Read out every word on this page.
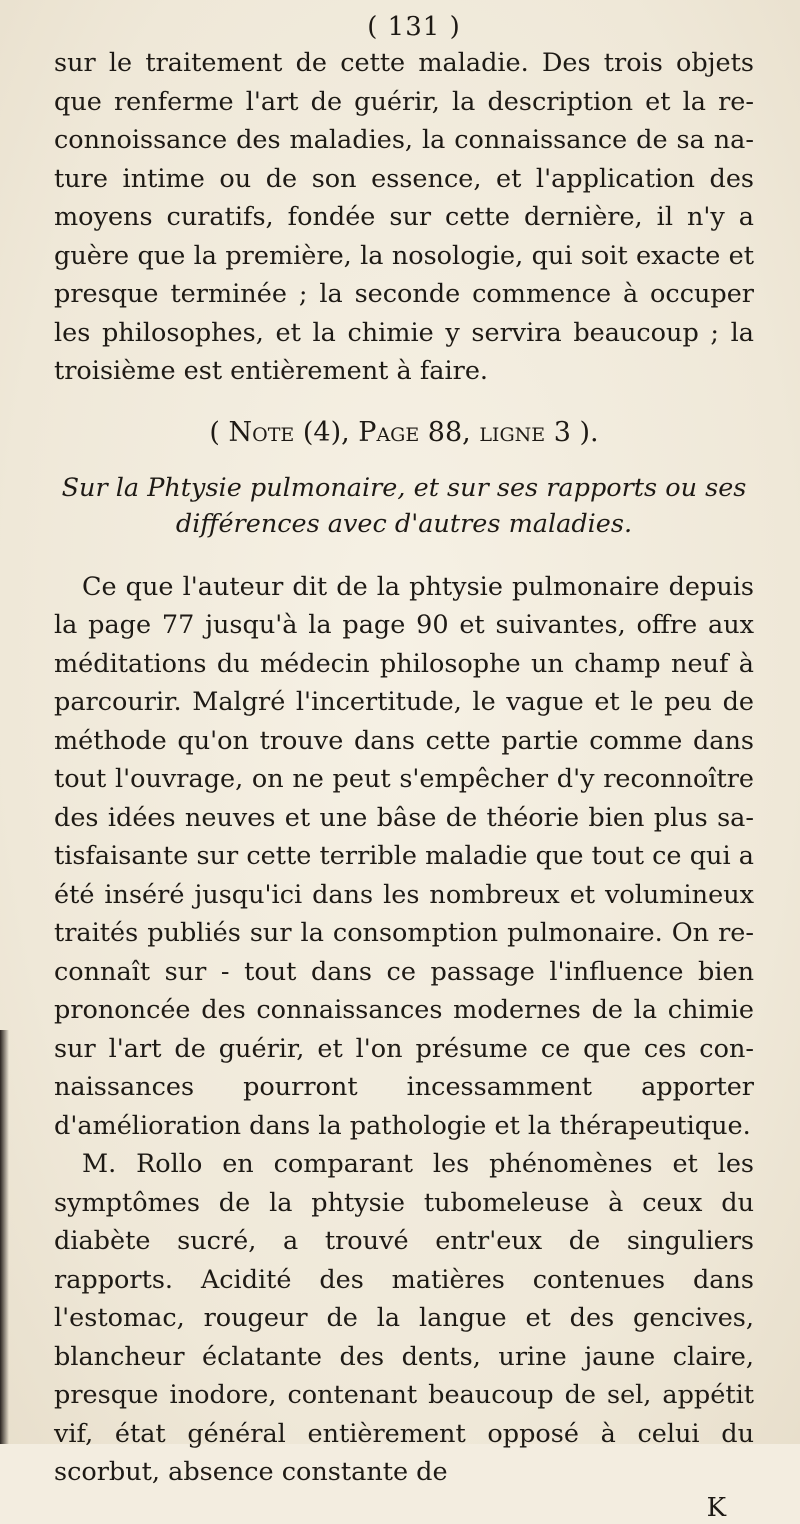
( 131 )

sur le traitement de cette maladie. Des trois objets que renferme l'art de guérir, la description et la reconnoissance des maladies, la connaissance de sa nature intime ou de son essence, et l'application des moyens curatifs, fondée sur cette dernière, il n'y a guère que la première, la nosologie, qui soit exacte et presque terminée ; la seconde commence à occuper les philosophes, et la chimie y servira beaucoup ; la troisième est entièrement à faire.

( Note (4), Page 88, ligne 3 ).

Sur la Phtysie pulmonaire, et sur ses rapports ou ses différences avec d'autres maladies.

Ce que l'auteur dit de la phtysie pulmonaire depuis la page 77 jusqu'à la page 90 et suivantes, offre aux méditations du médecin philosophe un champ neuf à parcourir. Malgré l'incertitude, le vague et le peu de méthode qu'on trouve dans cette partie comme dans tout l'ouvrage, on ne peut s'empêcher d'y reconnoître des idées neuves et une bâse de théorie bien plus satisfaisante sur cette terrible maladie que tout ce qui a été inséré jusqu'ici dans les nombreux et volumineux traités publiés sur la consomption pulmonaire. On reconnaît sur - tout dans ce passage l'influence bien prononcée des connaissances modernes de la chimie sur l'art de guérir, et l'on présume ce que ces connaissances pourront incessamment apporter d'amélioration dans la pathologie et la thérapeutique.

M. Rollo en comparant les phénomènes et les symptômes de la phtysie tubomeleuse à ceux du diabète sucré, a trouvé entr'eux de singuliers rapports. Acidité des matières contenues dans l'estomac, rougeur de la langue et des gencives, blancheur éclatante des dents, urine jaune claire, presque inodore, contenant beaucoup de sel, appétit vif, état général entièrement opposé à celui du scorbut, absence constante de

K
